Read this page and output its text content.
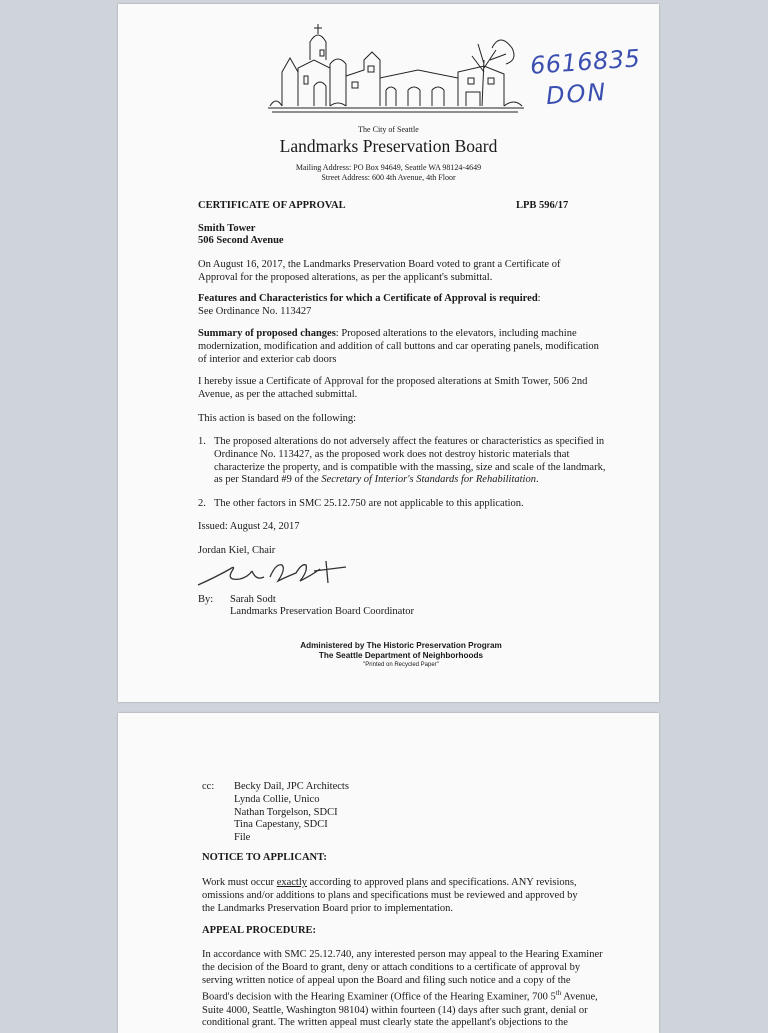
6616835
DON
The City of Seattle
Landmarks Preservation Board
Mailing Address: PO Box 94649, Seattle WA 98124-4649
Street Address: 600 4th Avenue, 4th Floor
CERTIFICATE OF APPROVAL	LPB 596/17
Smith Tower
506 Second Avenue
On August 16, 2017, the Landmarks Preservation Board voted to grant a Certificate of Approval for the proposed alterations, as per the applicant's submittal.
Features and Characteristics for which a Certificate of Approval is required:
See Ordinance No. 113427
Summary of proposed changes: Proposed alterations to the elevators, including machine modernization, modification and addition of call buttons and car operating panels, modification of interior and exterior cab doors
I hereby issue a Certificate of Approval for the proposed alterations at Smith Tower, 506 2nd Avenue, as per the attached submittal.
This action is based on the following:
1. The proposed alterations do not adversely affect the features or characteristics as specified in Ordinance No. 113427, as the proposed work does not destroy historic materials that characterize the property, and is compatible with the massing, size and scale of the landmark, as per Standard #9 of the Secretary of Interior's Standards for Rehabilitation.
2. The other factors in SMC 25.12.750 are not applicable to this application.
Issued: August 24, 2017
Jordan Kiel, Chair
By: Sarah Sodt
Landmarks Preservation Board Coordinator
Administered by The Historic Preservation Program
The Seattle Department of Neighborhoods
"Printed on Recycled Paper"
cc: Becky Dail, JPC Architects
Lynda Collie, Unico
Nathan Torgelson, SDCI
Tina Capestany, SDCI
File
NOTICE TO APPLICANT:
Work must occur exactly according to approved plans and specifications. ANY revisions, omissions and/or additions to plans and specifications must be reviewed and approved by the Landmarks Preservation Board prior to implementation.
APPEAL PROCEDURE:
In accordance with SMC 25.12.740, any interested person may appeal to the Hearing Examiner the decision of the Board to grant, deny or attach conditions to a certificate of approval by serving written notice of appeal upon the Board and filing such notice and a copy of the Board's decision with the Hearing Examiner (Office of the Hearing Examiner, 700 5th Avenue, Suite 4000, Seattle, Washington 98104) within fourteen (14) days after such grant, denial or conditional grant. The written appeal must clearly state the appellant's objections to the
